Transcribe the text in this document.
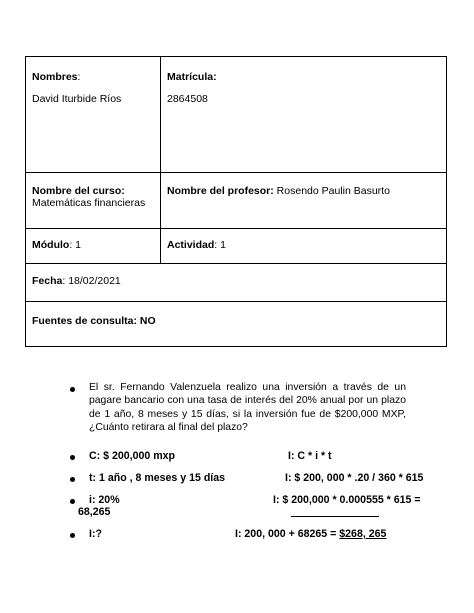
Nombres:
David Iturbide Ríos	Matrícula:
2864508

Nombre del curso:
Matemáticas financieras	Nombre del profesor: Rosendo Paulin Basurto
Módulo: 1	Actividad: 1
Fecha: 18/02/2021	
Fuentes de consulta: NO	
El sr. Fernando Valenzuela realizo una inversión a través de un pagare bancario con una tasa de interés del 20% anual por un plazo de 1 año, 8 meses y 15 días, si la inversión fue de $200,000 MXP, ¿Cuánto retirara al final del plazo?
C: $ 200,000 mxp	I: C * i * t
t: 1 año , 8 meses y 15 días	I: $ 200, 000 * .20 / 360 * 615
i: 20%	I: $ 200,000 * 0.000555 * 615 =
68,265
I:?	I: 200, 000 + 68265 = $268, 265
